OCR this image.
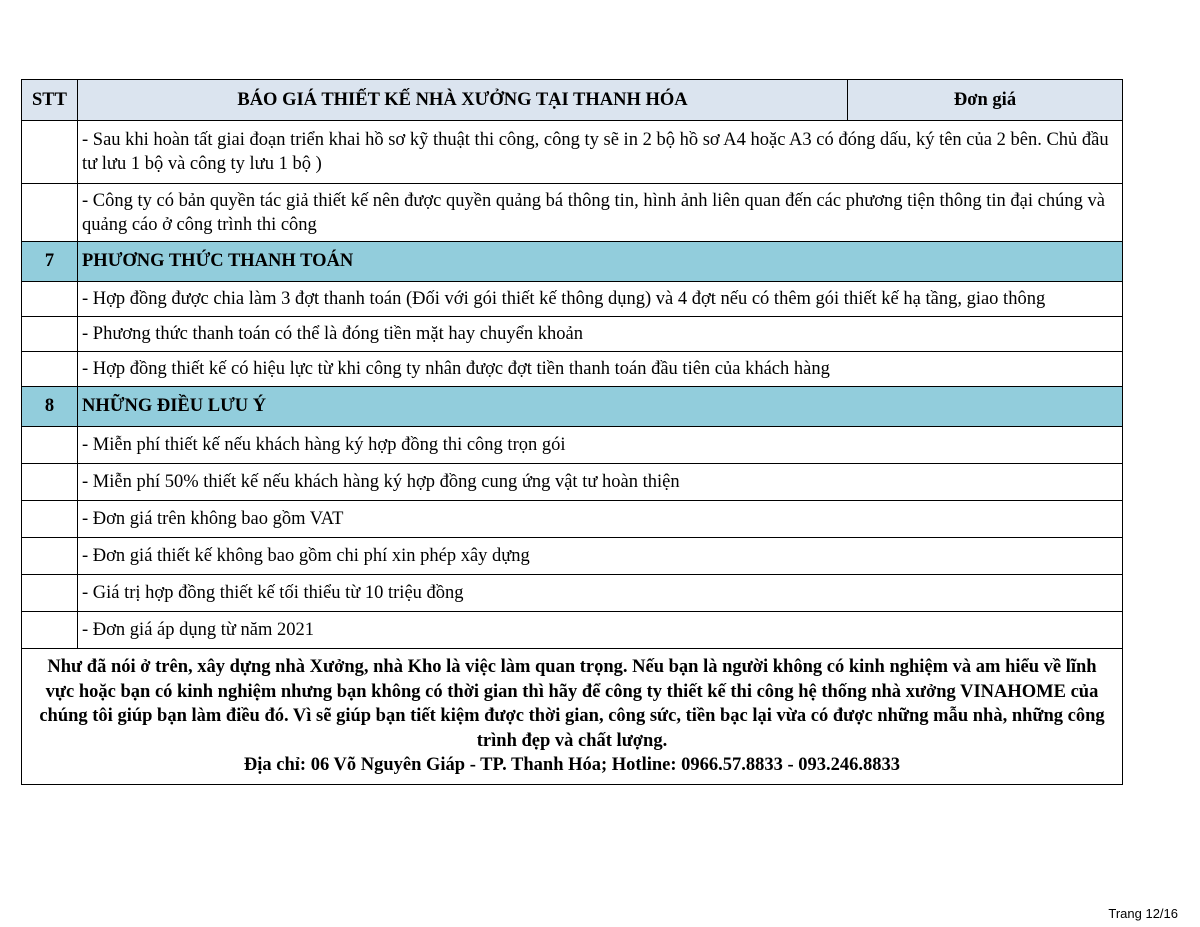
STT	BÁO GIÁ THIẾT KẾ NHÀ XƯỞNG TẠI THANH HÓA	Đơn giá
	- Sau khi hoàn tất giai đoạn triển khai hồ sơ kỹ thuật thi công, công ty sẽ in 2 bộ hồ sơ A4 hoặc A3 có đóng dấu, ký tên của 2 bên. Chủ đầu tư lưu 1 bộ và công ty lưu 1 bộ )	
	- Công ty có bản quyền tác giả thiết kế nên được quyền quảng bá thông tin, hình ảnh liên quan đến các phương tiện thông tin đại chúng và quảng cáo ở công trình thi công	
7	PHƯƠNG THỨC THANH TOÁN	
	- Hợp đồng được chia làm 3 đợt thanh toán (Đối với gói thiết kế thông dụng) và 4 đợt nếu có thêm gói thiết kế hạ tầng, giao thông	
	- Phương thức thanh toán có thể là đóng tiền mặt hay chuyển khoản	
	- Hợp đồng thiết kế có hiệu lực từ khi công ty nhân được đợt tiền thanh toán đầu tiên của khách hàng	
8	NHỮNG ĐIỀU LƯU Ý	
	- Miễn phí thiết kế nếu khách hàng ký hợp đồng thi công trọn gói	
	- Miễn phí 50% thiết kế nếu khách hàng ký hợp đồng cung ứng vật tư hoàn thiện	
	- Đơn giá trên không bao gồm VAT	
	- Đơn giá thiết kế không bao gồm chi phí xin phép xây dựng	
	- Giá trị hợp đồng thiết kế tối thiểu từ 10 triệu đồng	
	- Đơn giá áp dụng từ năm 2021	

Như đã nói ở trên, xây dựng nhà Xưởng, nhà Kho là việc làm quan trọng. Nếu bạn là người không có kinh nghiệm và am hiểu về lĩnh vực hoặc bạn có kinh nghiệm nhưng bạn không có thời gian thì hãy để công ty thiết kế thi công hệ thống nhà xưởng VINAHOME của chúng tôi giúp bạn làm điều đó. Vì sẽ giúp bạn tiết kiệm được thời gian, công sức, tiền bạc lại vừa có được những mẫu nhà, những công trình đẹp và chất lượng.
Địa chỉ: 06 Võ Nguyên Giáp - TP. Thanh Hóa; Hotline: 0966.57.8833 - 093.246.8833		
Trang 12/16
